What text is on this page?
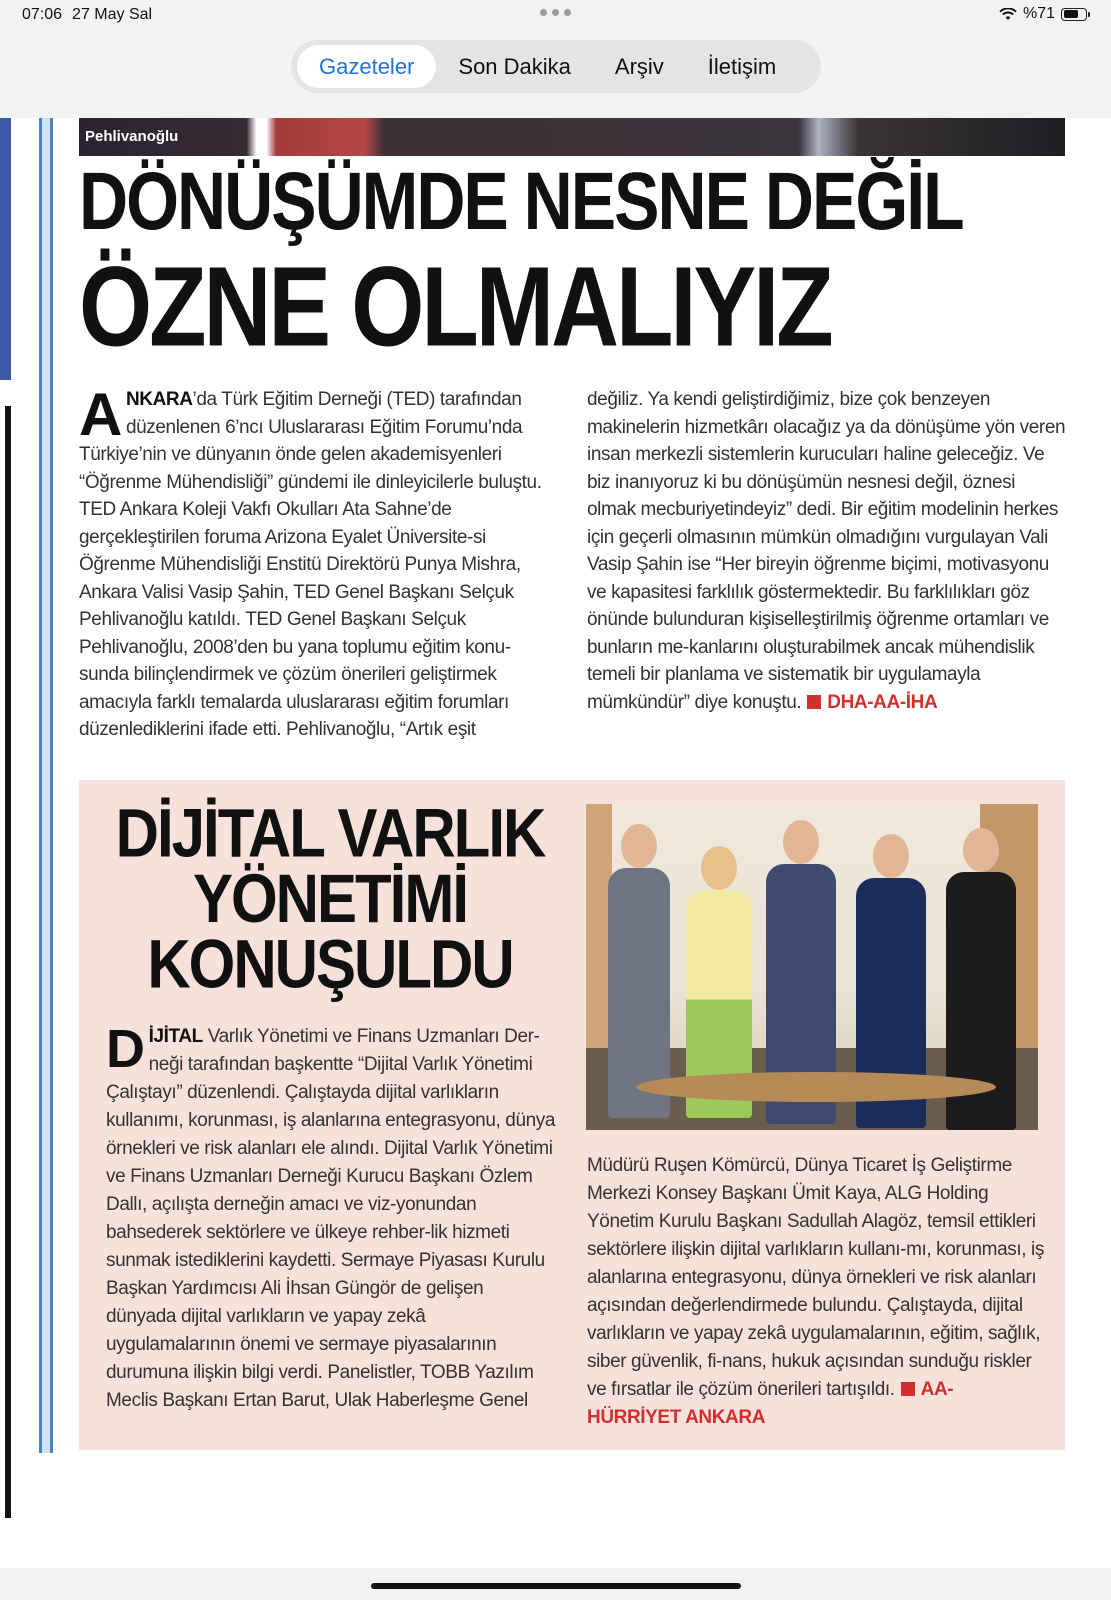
07:06 27 May Sal	%71
Gazeteler	Son Dakika	Arşiv	İletişim
Pehlivanoğlu
DÖNÜŞÜMDE NESNE DEĞİL
ÖZNE OLMALIYIZ
ANKARA’da Türk Eğitim Derneği (TED) tarafından düzenlenen 6’ncı Uluslararası Eğitim Forumu’nda Türkiye’nin ve dünyanın önde gelen akademisyenleri “Öğrenme Mühendisliği” gündemi ile dinleyicilerle buluştu. TED Ankara Koleji Vakfı Okulları Ata Sahne’de gerçekleştirilen foruma Arizona Eyalet Üniversite-si Öğrenme Mühendisliği Enstitü Direktörü Punya Mishra, Ankara Valisi Vasip Şahin, TED Genel Başkanı Selçuk Pehlivanoğlu katıldı. TED Genel Başkanı Selçuk Pehlivanoğlu, 2008’den bu yana toplumu eğitim konu-sunda bilinçlendirmek ve çözüm önerileri geliştirmek amacıyla farklı temalarda uluslararası eğitim forumları düzenlediklerini ifade etti. Pehlivanoğlu, “Artık eşit
değiliz. Ya kendi geliştirdiğimiz, bize çok benzeyen makinelerin hizmetkârı olacağız ya da dönüşüme yön veren insan merkezli sistemlerin kurucuları haline geleceğiz. Ve biz inanıyoruz ki bu dönüşümün nesnesi değil, öznesi olmak mecburiyetindeyiz” dedi. Bir eğitim modelinin herkes için geçerli olmasının mümkün olmadığını vurgulayan Vali Vasip Şahin ise “Her bireyin öğrenme biçimi, motivasyonu ve kapasitesi farklılık göstermektedir. Bu farklılıkları göz önünde bulunduran kişiselleştirilmiş öğrenme ortamları ve bunların me-kanlarını oluşturabilmek ancak mühendislik temeli bir planlama ve sistematik bir uygulamayla mümkündür” diye konuştu. DHA-AA-İHA
DİJİTAL VARLIK
YÖNETİMİ
KONUŞULDU
DİJİTAL Varlık Yönetimi ve Finans Uzmanları Der-neği tarafından başkentte “Dijital Varlık Yönetimi Çalıştayı” düzenlendi. Çalıştayda dijital varlıkların kullanımı, korunması, iş alanlarına entegrasyonu, dünya örnekleri ve risk alanları ele alındı. Dijital Varlık Yönetimi ve Finans Uzmanları Derneği Kurucu Başkanı Özlem Dallı, açılışta derneğin amacı ve viz-yonundan bahsederek sektörlere ve ülkeye rehber-lik hizmeti sunmak istediklerini kaydetti. Sermaye Piyasası Kurulu Başkan Yardımcısı Ali İhsan Güngör de gelişen dünyada dijital varlıkların ve yapay zekâ uygulamalarının önemi ve sermaye piyasalarının durumuna ilişkin bilgi verdi. Panelistler, TOBB Yazılım Meclis Başkanı Ertan Barut, Ulak Haberleşme Genel
Müdürü Ruşen Kömürcü, Dünya Ticaret İş Geliştirme Merkezi Konsey Başkanı Ümit Kaya, ALG Holding Yönetim Kurulu Başkanı Sadullah Alagöz, temsil ettikleri sektörlere ilişkin dijital varlıkların kullanı-mı, korunması, iş alanlarına entegrasyonu, dünya örnekleri ve risk alanları açısından değerlendirmede bulundu. Çalıştayda, dijital varlıkların ve yapay zekâ uygulamalarının, eğitim, sağlık, siber güvenlik, fi-nans, hukuk açısından sunduğu riskler ve fırsatlar ile çözüm önerileri tartışıldı. AA-HÜRRİYET ANKARA
